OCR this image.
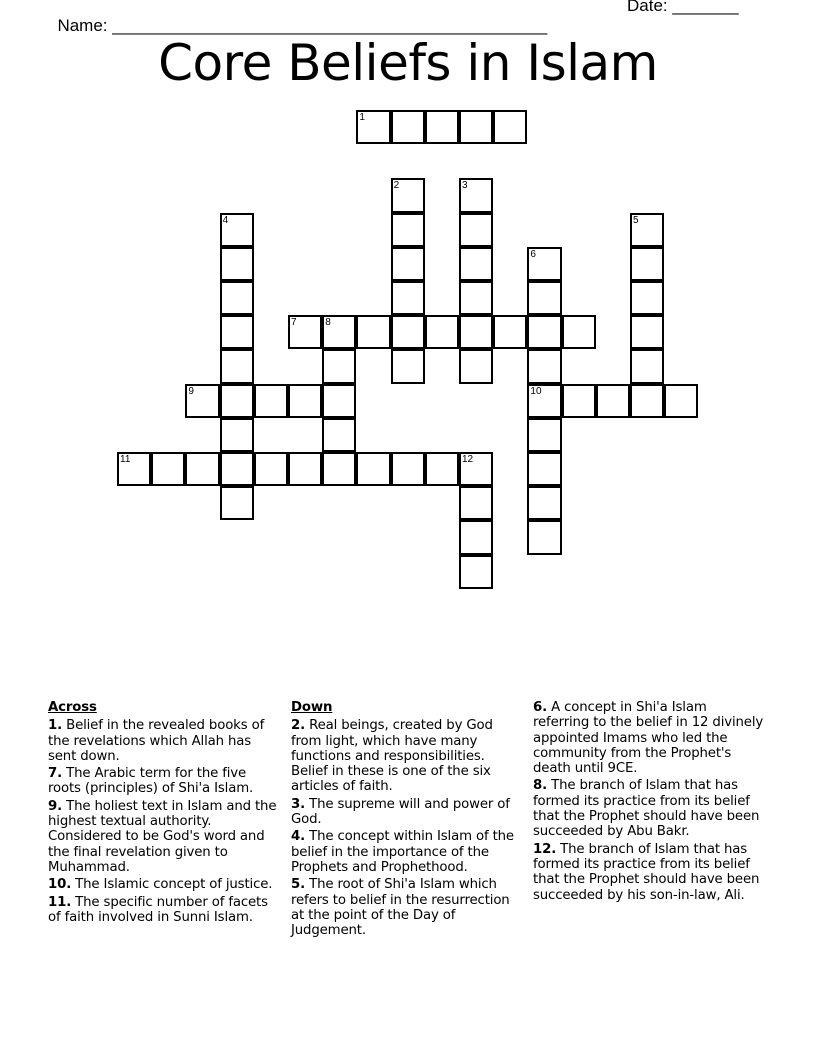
Name: ______________________________________________

Date: _______

Core Beliefs in Islam
1
2	3
4	5
6
10
7	8
9
11	12
Across
1. Belief in the revealed books of the revelations which Allah has sent down.
7. The Arabic term for the five roots (principles) of Shi'a Islam.
9. The holiest text in Islam and the highest textual authority. Considered to be God's word and the final revelation given to Muhammad.
10. The Islamic concept of justice.
11. The specific number of facets of faith involved in Sunni Islam.
Down
2. Real beings, created by God from light, which have many functions and responsibilities. Belief in these is one of the six articles of faith.
3. The supreme will and power of God.
4. The concept within Islam of the belief in the importance of the Prophets and Prophethood.
5. The root of Shi'a Islam which refers to belief in the resurrection at the point of the Day of Judgement.
6. A concept in Shi'a Islam referring to the belief in 12 divinely appointed Imams who led the community from the Prophet's death until 9CE.
8. The branch of Islam that has formed its practice from its belief that the Prophet should have been succeeded by Abu Bakr.
12. The branch of Islam that has formed its practice from its belief that the Prophet should have been succeeded by his son-in-law, Ali.
